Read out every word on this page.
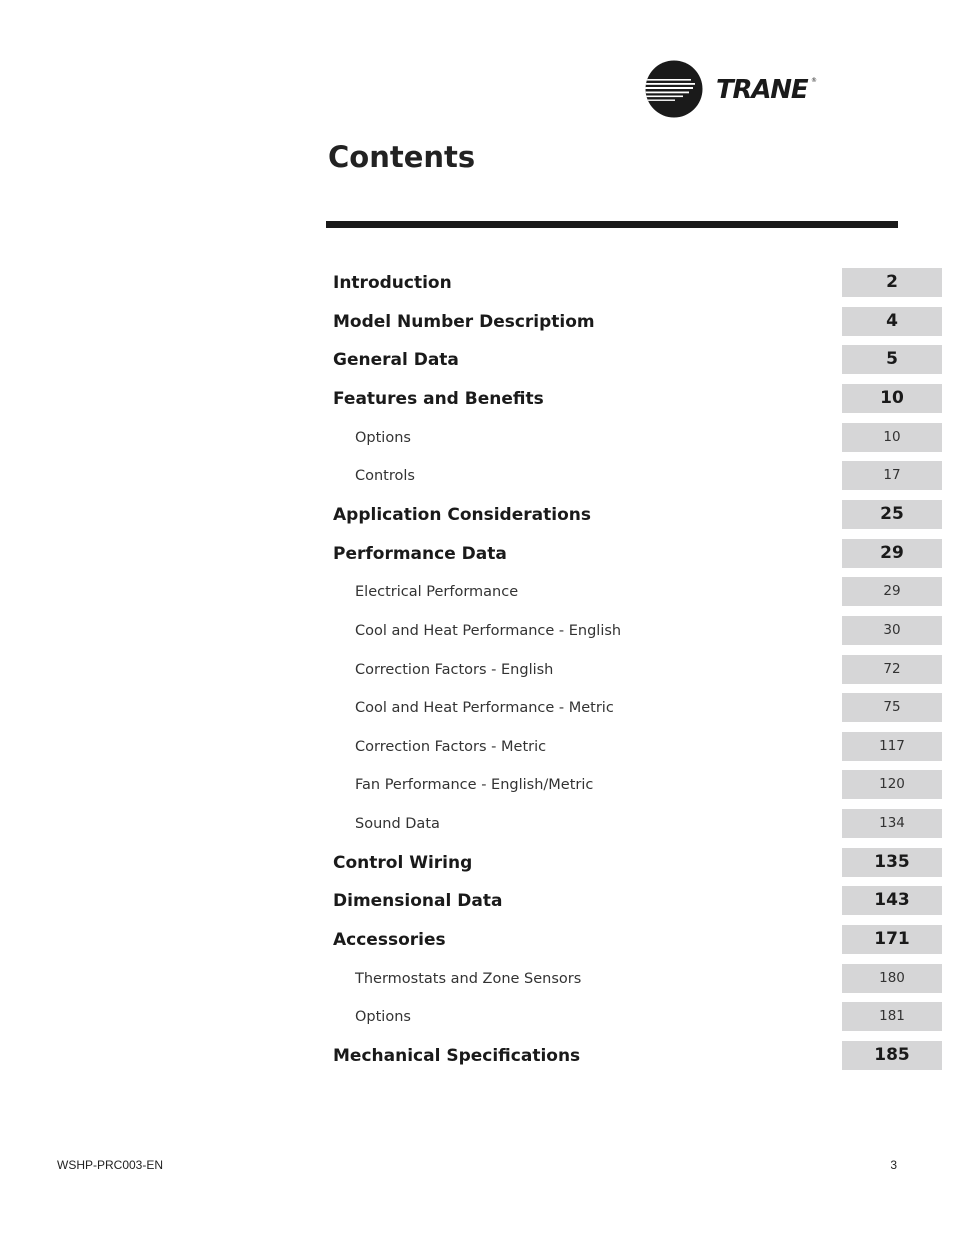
TRANE ®
Contents
Introduction	2
Model Number Descriptiom	4
General Data	5
Features and Benefits	10
Options	10
Controls	17
Application Considerations	25
Performance Data	29
Electrical Performance	29
Cool and Heat Performance - English	30
Correction Factors - English	72
Cool and Heat Performance - Metric	75
Correction Factors - Metric	117
Fan Performance - English/Metric	120
Sound Data	134
Control Wiring	135
Dimensional Data	143
Accessories	171
Thermostats and Zone Sensors	180
Options	181
Mechanical Specifications	185
WSHP-PRC003-EN	3
